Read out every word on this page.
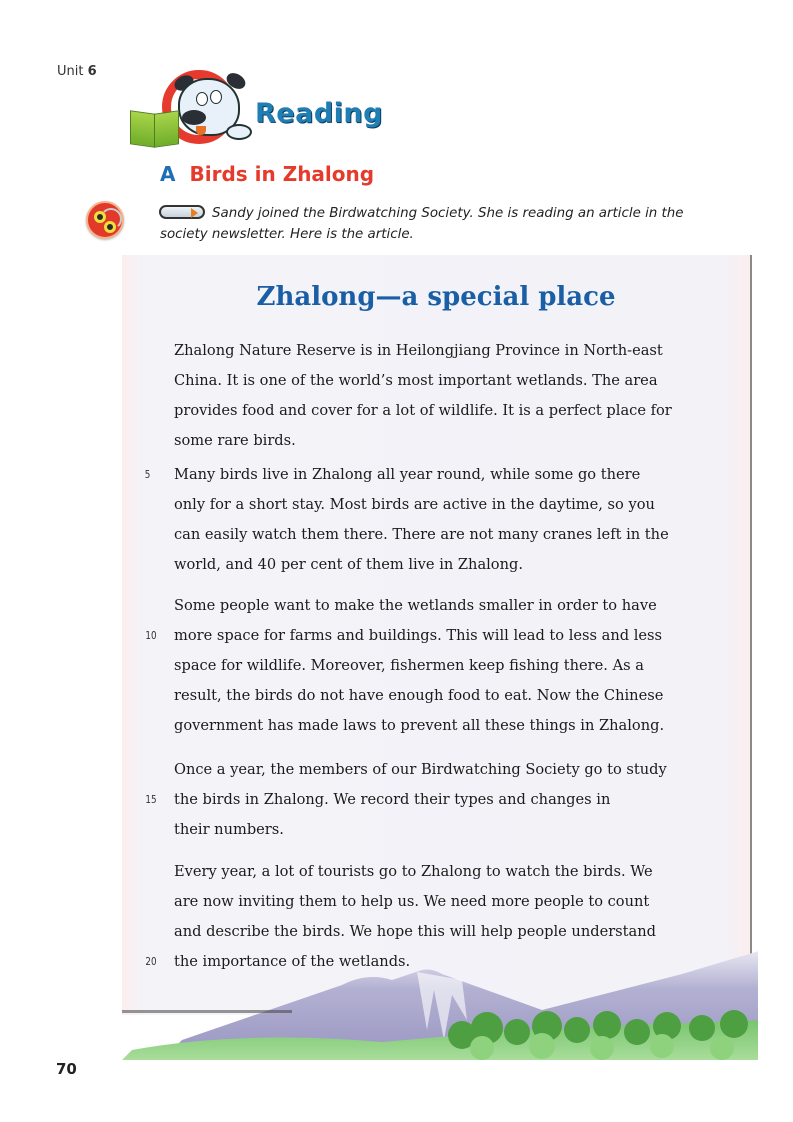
Unit 6
Reading
A Birds in Zhalong
Sandy joined the Birdwatching Society. She is reading an article in the
society newsletter. Here is the article.
Zhalong—a special place
Zhalong Nature Reserve is in Heilongjiang Province in North-east
China. It is one of the world’s most important wetlands. The area
provides food and cover for a lot of wildlife. It is a perfect place for
some rare birds.
5 Many birds live in Zhalong all year round, while some go there
only for a short stay. Most birds are active in the daytime, so you
can easily watch them there. There are not many cranes left in the
world, and 40 per cent of them live in Zhalong.
Some people want to make the wetlands smaller in order to have
10 more space for farms and buildings. This will lead to less and less
space for wildlife. Moreover, fishermen keep fishing there. As a
result, the birds do not have enough food to eat. Now the Chinese
government has made laws to prevent all these things in Zhalong.
Once a year, the members of our Birdwatching Society go to study
15 the birds in Zhalong. We record their types and changes in
their numbers.
Every year, a lot of tourists go to Zhalong to watch the birds. We
are now inviting them to help us. We need more people to count
and describe the birds. We hope this will help people understand
20 the importance of the wetlands.
70
